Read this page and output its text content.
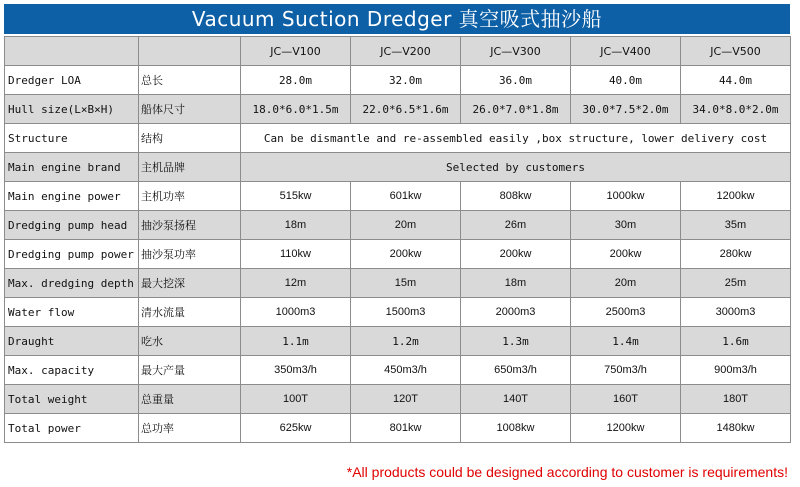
Vacuum Suction Dredger 真空吸式抽沙船
		JC—V100	JC—V200	JC—V300	JC—V400	JC—V500
Dredger LOA	总长	28.0m	32.0m	36.0m	40.0m	44.0m
Hull size(L×B×H)	船体尺寸	18.0*6.0*1.5m	22.0*6.5*1.6m	26.0*7.0*1.8m	30.0*7.5*2.0m	34.0*8.0*2.0m
Structure	结构	Can be dismantle and re-assembled easily ,box structure, lower delivery cost				
Main engine brand	主机品牌	Selected by customers				
Main engine power	主机功率	515kw	601kw	808kw	1000kw	1200kw
Dredging pump head	抽沙泵扬程	18m	20m	26m	30m	35m
Dredging pump power	抽沙泵功率	110kw	200kw	200kw	200kw	280kw
Max. dredging depth	最大挖深	12m	15m	18m	20m	25m
Water flow	清水流量	1000m3	1500m3	2000m3	2500m3	3000m3
Draught	吃水	1.1m	1.2m	1.3m	1.4m	1.6m
Max. capacity	最大产量	350m3/h	450m3/h	650m3/h	750m3/h	900m3/h
Total weight	总重量	100T	120T	140T	160T	180T
Total power	总功率	625kw	801kw	1008kw	1200kw	1480kw
*All products could be designed according to customer is requirements!
